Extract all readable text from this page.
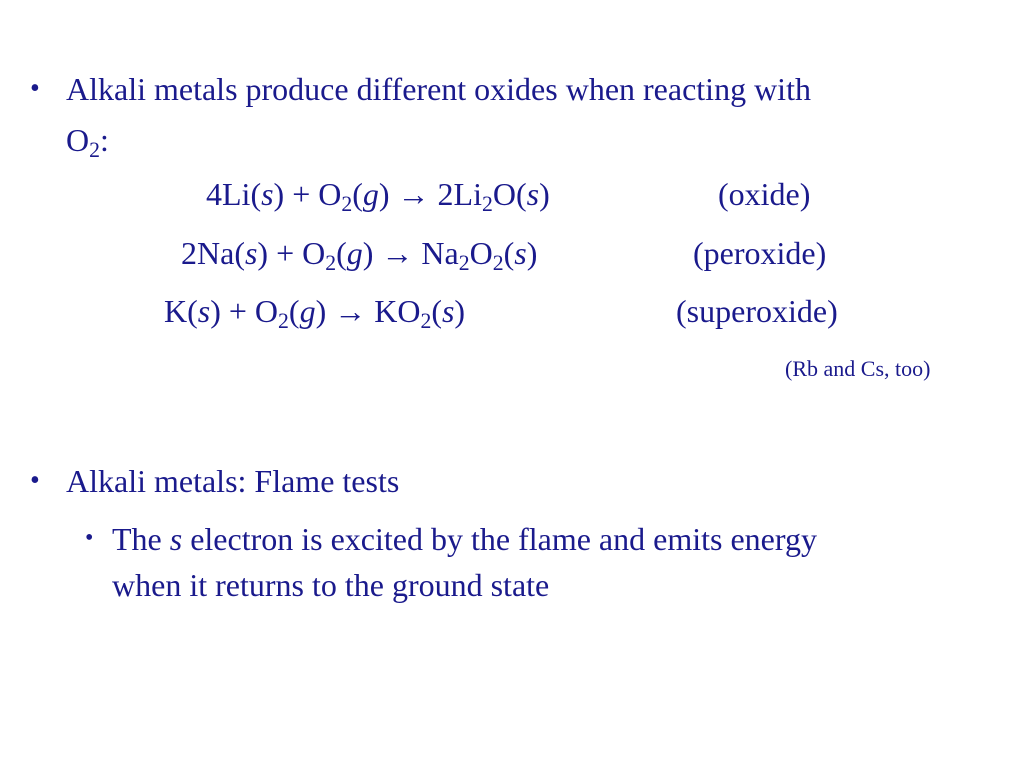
• Alkali metals produce different oxides when reacting with
$O_2$:
$4Li(s) + O_2(g) \to 2Li_2O(s)$	(oxide)
$2Na(s) + O_2(g) \to Na_2O_2(s)$	(peroxide)
$K(s) + O_2(g) \to KO_2(s)$	(superoxide)
(Rb and Cs, too)
• Alkali metals: Flame tests
• The s electron is excited by the flame and emits energy
when it returns to the ground state
